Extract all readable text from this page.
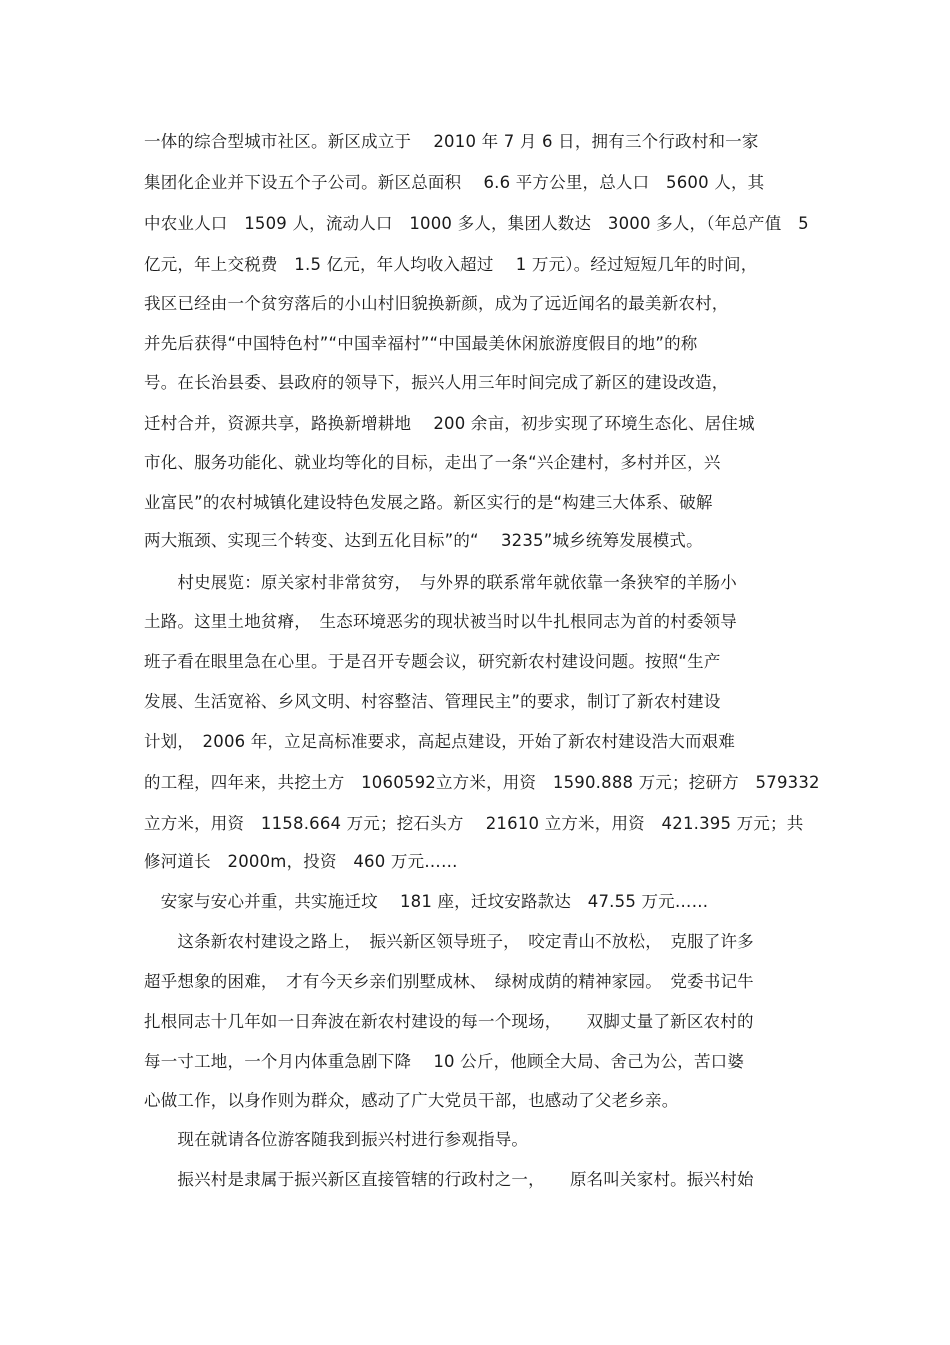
一体的综合型城市社区。新区成立于　 2010 年 7 月 6 日，拥有三个行政村和一家
集团化企业并下设五个子公司。新区总面积　 6.6 平方公里，总人口　5600 人，其
中农业人口　1509 人，流动人口　1000 多人，集团人数达　3000 多人，（年总产值　5
亿元，年上交税费　1.5 亿元，年人均收入超过　 1 万元）。经过短短几年的时间，
我区已经由一个贫穷落后的小山村旧貌换新颜，成为了远近闻名的最美新农村，
并先后获得“中国特色村”“中国幸福村”“中国最美休闲旅游度假目的地”的称
号。在长治县委、县政府的领导下，振兴人用三年时间完成了新区的建设改造，
迁村合并，资源共享，路换新增耕地　 200 余亩，初步实现了环境生态化、居住城
市化、服务功能化、就业均等化的目标，走出了一条“兴企建村，多村并区，兴
业富民”的农村城镇化建设特色发展之路。新区实行的是“构建三大体系、破解
两大瓶颈、实现三个转变、达到五化目标”的“　 3235”城乡统筹发展模式。
　　村史展览：原关家村非常贫穷，　与外界的联系常年就依靠一条狭窄的羊肠小
土路。这里土地贫瘠，　生态环境恶劣的现状被当时以牛扎根同志为首的村委领导
班子看在眼里急在心里。于是召开专题会议，研究新农村建设问题。按照“生产
发展、生活宽裕、乡风文明、村容整洁、管理民主”的要求，制订了新农村建设
计划，　2006 年，立足高标准要求，高起点建设，开始了新农村建设浩大而艰难
的工程，四年来，共挖土方　1060592立方米，用资　1590.888 万元；挖研方　579332
立方米，用资　1158.664 万元；挖石头方　 21610 立方米，用资　421.395 万元；共
修河道长　2000m，投资　460 万元……
　安家与安心并重，共实施迁坟　 181 座，迁坟安路款达　47.55 万元……
　　这条新农村建设之路上，　振兴新区领导班子，　咬定青山不放松，　克服了许多
超乎想象的困难，　才有今天乡亲们别墅成林、　绿树成荫的精神家园。　党委书记牛
扎根同志十几年如一日奔波在新农村建设的每一个现场，　　双脚丈量了新区农村的
每一寸工地，一个月内体重急剧下降　 10 公斤，他顾全大局、舍己为公，苦口婆
心做工作，以身作则为群众，感动了广大党员干部，也感动了父老乡亲。
　　现在就请各位游客随我到振兴村进行参观指导。
　　振兴村是隶属于振兴新区直接管辖的行政村之一，　　原名叫关家村。振兴村始
